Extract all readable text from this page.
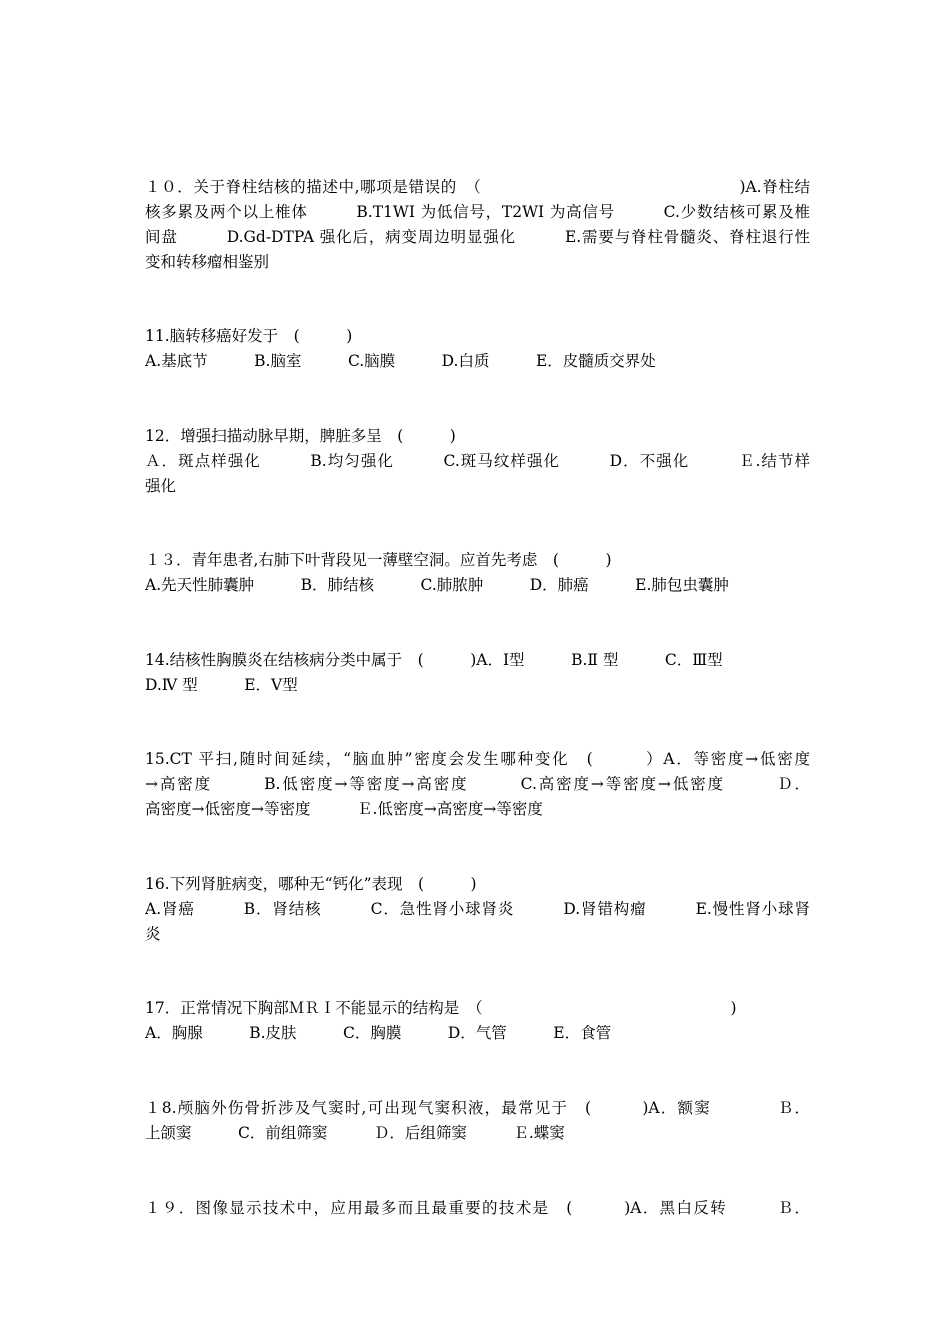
１０．关于脊柱结核的描述中,哪项是错误的　（　　　　　　　　　　　　　　　　)A.脊柱结
核多累及两个以上椎体　　　B.T1WI 为低信号，T2WI 为高信号　　　C.少数结核可累及椎
间盘　　　D.Gd-DTPA 强化后，病变周边明显强化　　　E.需要与脊柱骨髓炎、脊柱退行性
变和转移瘤相鉴别
11.脑转移癌好发于　(　　　)
A.基底节　　　B.脑室　　　C.脑膜　　　D.白质　　　E．皮髓质交界处
12．增强扫描动脉早期，脾脏多呈　(　　　)
Ａ．斑点样强化　　　B.均匀强化　　　C.斑马纹样强化　　　D．不强化　　　Ｅ.结节样
强化
１３．青年患者,右肺下叶背段见一薄壁空洞。应首先考虑　(　　　)
A.先天性肺囊肿　　　B．肺结核　　　C.肺脓肿　　　D．肺癌　　　E.肺包虫囊肿
14.结核性胸膜炎在结核病分类中属于　(　　　)A．Ⅰ型　　　B.Ⅱ 型　　　C．Ⅲ型
D.Ⅳ 型　　　E．Ⅴ型
15.CT 平扫,随时间延续，“脑血肿”密度会发生哪种变化　(　　　）A．等密度→低密度
→高密度　　　B.低密度→等密度→高密度　　　C.高密度→等密度→低密度　　　Ｄ．
高密度→低密度→等密度　　　Ｅ.低密度→高密度→等密度
16.下列肾脏病变，哪种无“钙化”表现　(　　　)
A.肾癌　　　B．肾结核　　　C．急性肾小球肾炎　　　D.肾错构瘤　　　E.慢性肾小球肾
炎
17．正常情况下胸部ＭＲＩ不能显示的结构是　（　　　　　　　　　　　　　　　　)
A．胸腺　　　B.皮肤　　　C．胸膜　　　D．气管　　　E．食管
１8.颅脑外伤骨折涉及气窦时,可出现气窦积液，最常见于　(　　　)A．额窦　　　　Ｂ．
上颌窦　　　C．前组筛窦　　　Ｄ．后组筛窦　　　Ｅ.蝶窦
１９．图像显示技术中，应用最多而且最重要的技术是　(　　　)A．黑白反转　　　Ｂ．
